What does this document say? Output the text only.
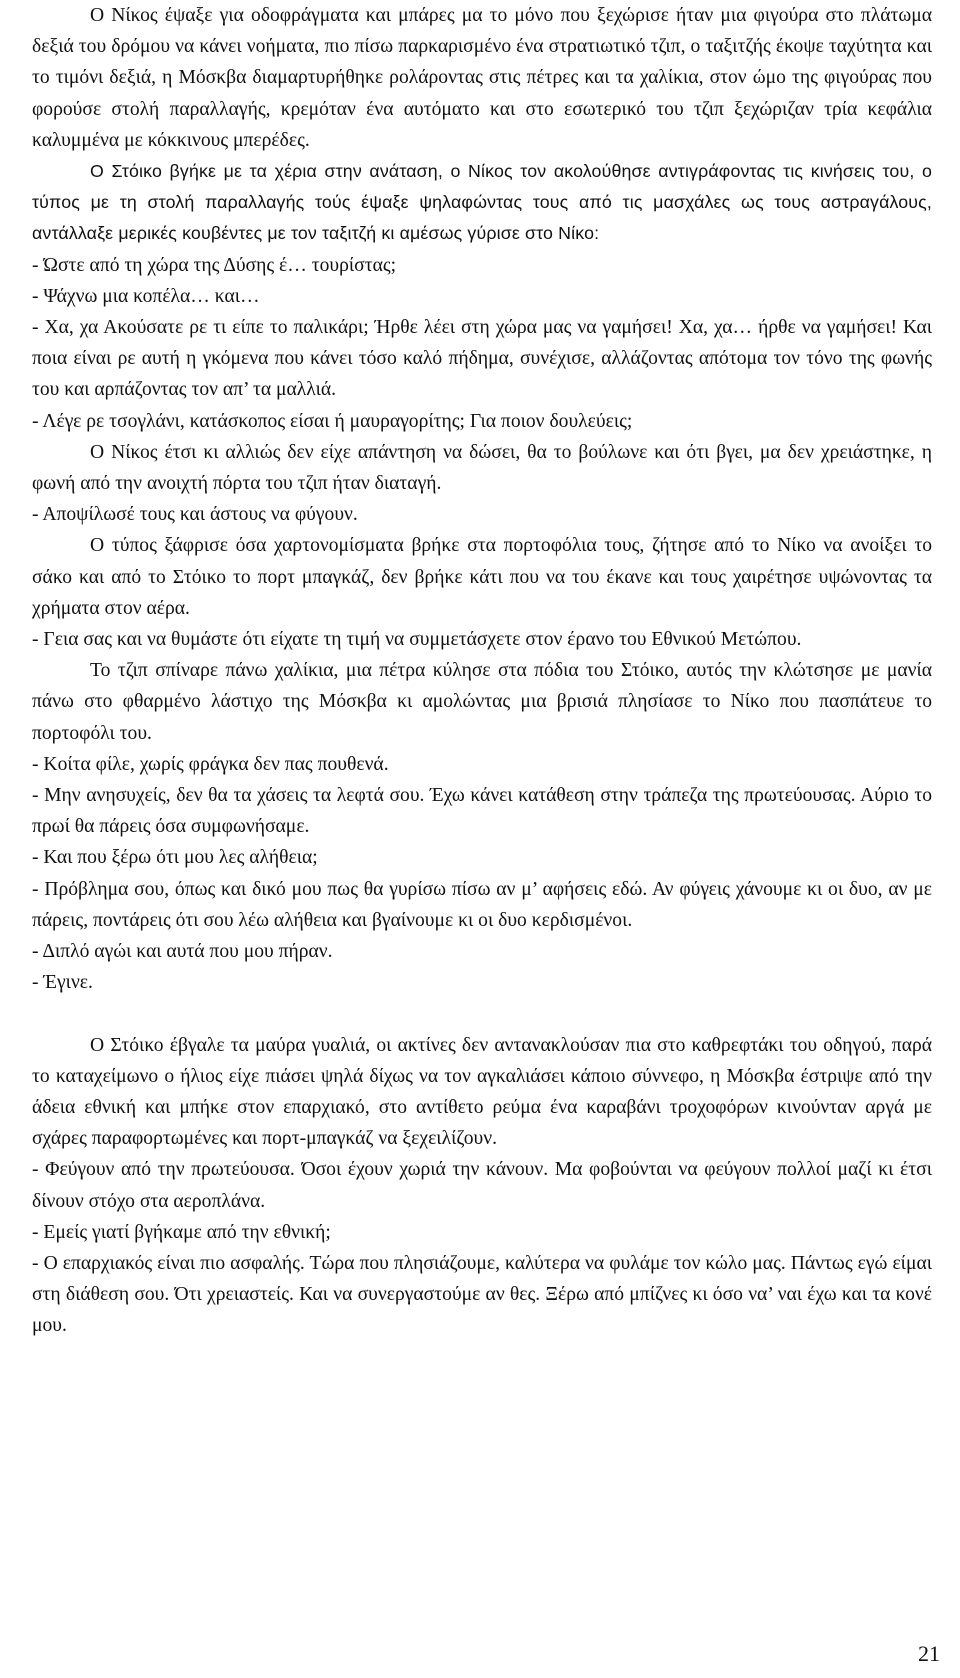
Ο Νίκος έψαξε για οδοφράγματα και μπάρες μα το μόνο που ξεχώρισε ήταν μια φιγούρα στο πλάτωμα δεξιά του δρόμου να κάνει νοήματα, πιο πίσω παρκαρισμένο ένα στρατιωτικό τζιπ, ο ταξιτζής έκοψε ταχύτητα και το τιμόνι δεξιά, η Μόσκβα διαμαρτυρήθηκε ρολάροντας στις πέτρες και τα χαλίκια, στον ώμο της φιγούρας που φορούσε στολή παραλλαγής, κρεμόταν ένα αυτόματο και στο εσωτερικό του τζιπ ξεχώριζαν τρία κεφάλια καλυμμένα με κόκκινους μπερέδες.

Ο Στόικο βγήκε με τα χέρια στην ανάταση, ο Νίκος τον ακολούθησε αντιγράφοντας τις κινήσεις του, ο τύπος με τη στολή παραλλαγής τούς έψαξε ψηλαφώντας τους από τις μασχάλες ως τους αστραγάλους, αντάλλαξε μερικές κουβέντες με τον ταξιτζή κι αμέσως γύρισε στο Νίκο:

- Ώστε από τη χώρα της Δύσης έ… τουρίστας;

- Ψάχνω μια κοπέλα… και…

- Χα, χα Ακούσατε ρε τι είπε το παλικάρι; Ήρθε λέει στη χώρα μας να γαμήσει! Χα, χα… ήρθε να γαμήσει! Και ποια είναι ρε αυτή η γκόμενα που κάνει τόσο καλό πήδημα, συνέχισε, αλλάζοντας απότομα τον τόνο της φωνής του και αρπάζοντας τον απ’ τα μαλλιά.

- Λέγε ρε τσογλάνι, κατάσκοπος είσαι ή μαυραγορίτης; Για ποιον δουλεύεις;

Ο Νίκος έτσι κι αλλιώς δεν είχε απάντηση να δώσει, θα το βούλωνε και ότι βγει, μα δεν χρειάστηκε, η φωνή από την ανοιχτή πόρτα του τζιπ ήταν διαταγή.

- Αποψίλωσέ τους και άστους να φύγουν.

Ο τύπος ξάφρισε όσα χαρτονομίσματα βρήκε στα πορτοφόλια τους, ζήτησε από το Νίκο να ανοίξει το σάκο και από το Στόικο το πορτ μπαγκάζ, δεν βρήκε κάτι που να του έκανε και τους χαιρέτησε υψώνοντας τα χρήματα στον αέρα.

- Γεια σας και να θυμάστε ότι είχατε τη τιμή να συμμετάσχετε στον έρανο του Εθνικού Μετώπου.

Το τζιπ σπίναρε πάνω χαλίκια, μια πέτρα κύλησε στα πόδια του Στόικο, αυτός την κλώτσησε με μανία πάνω στο φθαρμένο λάστιχο της Μόσκβα κι αμολώντας μια βρισιά πλησίασε το Νίκο που πασπάτευε το πορτοφόλι του.

- Κοίτα φίλε, χωρίς φράγκα δεν πας πουθενά.

- Μην ανησυχείς, δεν θα τα χάσεις τα λεφτά σου. Έχω κάνει κατάθεση στην τράπεζα της πρωτεύουσας. Αύριο το πρωί θα πάρεις όσα συμφωνήσαμε.

- Και που ξέρω ότι μου λες αλήθεια;

- Πρόβλημα σου, όπως και δικό μου πως θα γυρίσω πίσω αν μ’ αφήσεις εδώ. Αν φύγεις χάνουμε κι οι δυο, αν με πάρεις, ποντάρεις ότι σου λέω αλήθεια και βγαίνουμε κι οι δυο κερδισμένοι.

- Διπλό αγώι και αυτά που μου πήραν.

- Έγινε.

Ο Στόικο έβγαλε τα μαύρα γυαλιά, οι ακτίνες δεν αντανακλούσαν πια στο καθρεφτάκι του οδηγού, παρά το καταχείμωνο ο ήλιος είχε πιάσει ψηλά δίχως να τον αγκαλιάσει κάποιο σύννεφο, η Μόσκβα έστριψε από την άδεια εθνική και μπήκε στον επαρχιακό, στο αντίθετο ρεύμα ένα καραβάνι τροχοφόρων κινούνταν αργά με σχάρες παραφορτωμένες και πορτ-μπαγκάζ να ξεχειλίζουν.

- Φεύγουν από την πρωτεύουσα. Όσοι έχουν χωριά την κάνουν. Μα φοβούνται να φεύγουν πολλοί μαζί κι έτσι δίνουν στόχο στα αεροπλάνα.

- Εμείς γιατί βγήκαμε από την εθνική;

- Ο επαρχιακός είναι πιο ασφαλής. Τώρα που πλησιάζουμε, καλύτερα να φυλάμε τον κώλο μας. Πάντως εγώ είμαι στη διάθεση σου. Ότι χρειαστείς. Και να συνεργαστούμε αν θες. Ξέρω από μπίζνες κι όσο να’ ναι έχω και τα κονέ μου.

21
